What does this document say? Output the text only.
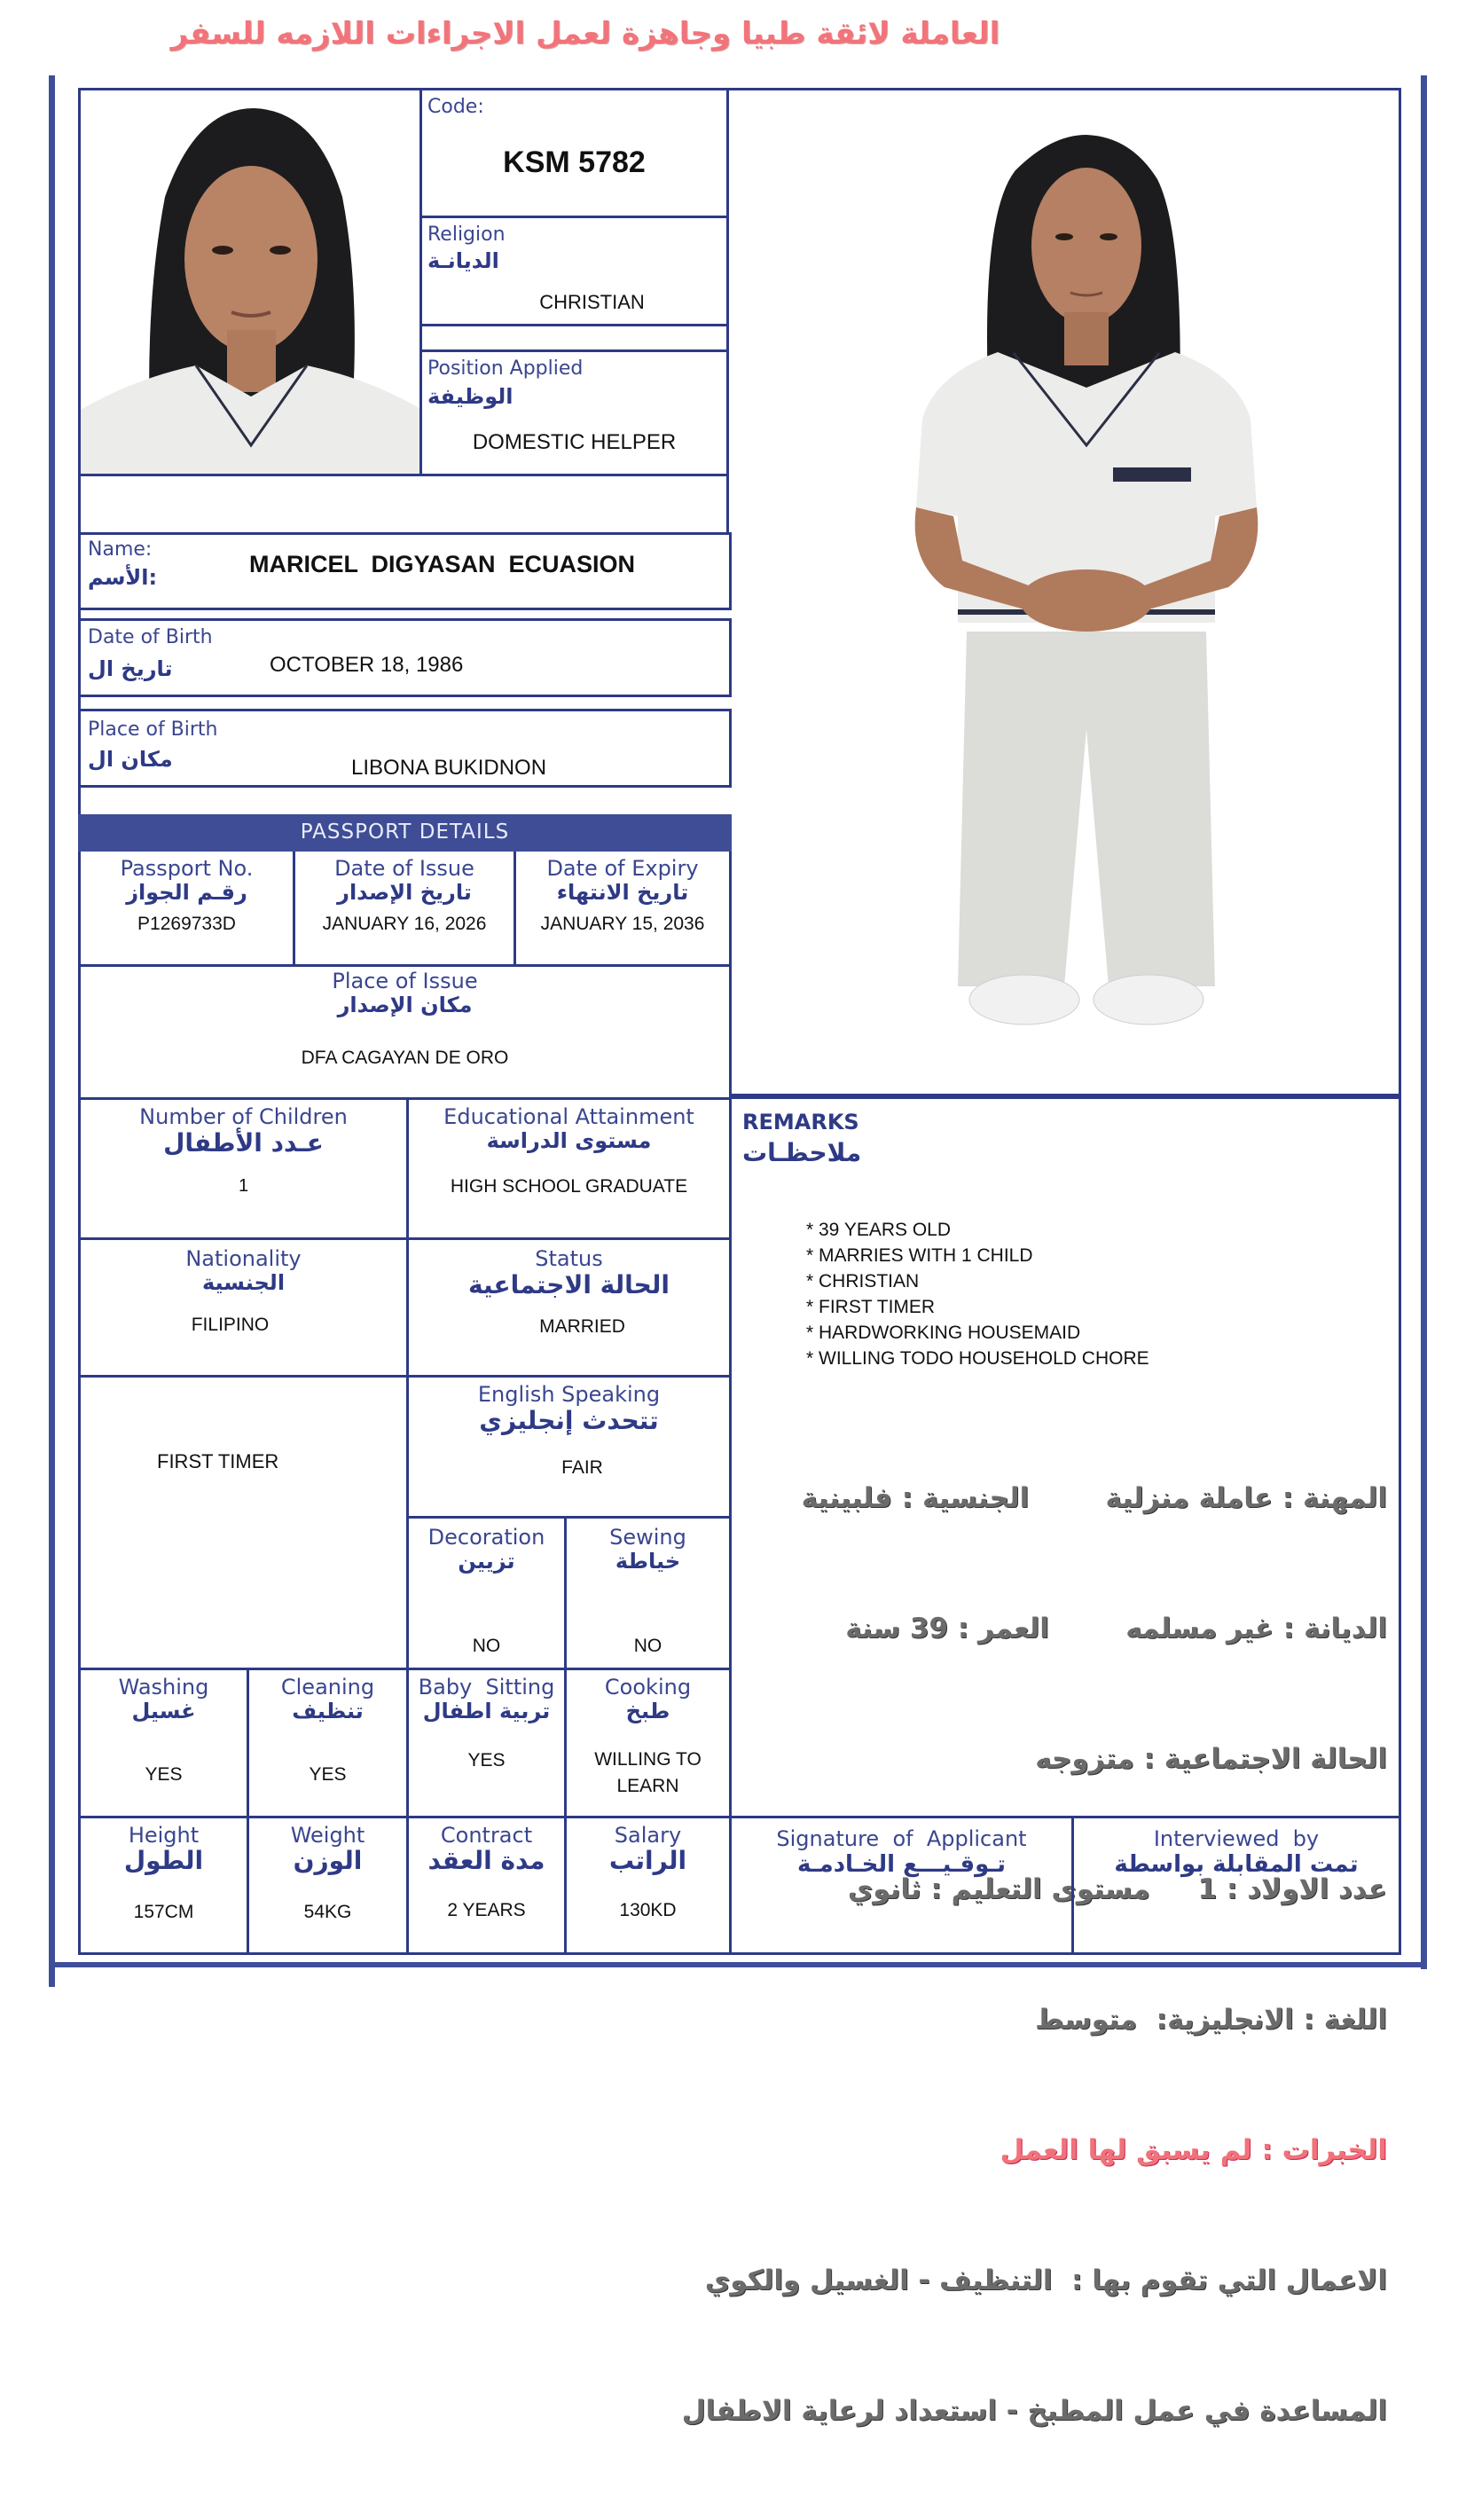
العاملة لائقة طبيا وجاهزة لعمل الاجراءات اللازمه للسفر
Code:
KSM 5782
Religion
الديانـة
CHRISTIAN
Position Applied
الوظيفة
DOMESTIC HELPER
Name:
:الأسم	MARICEL  DIGYASAN  ECUASION
Date of Birth
تاريخ ال	OCTOBER 18, 1986
Place of Birth
مكان ال	LIBONA BUKIDNON
PASSPORT DETAILS
Passport No.
رقـم الجواز
P1269733D
Date of Issue
تاريخ الإصدار
JANUARY 16, 2026
Date of Expiry
تاريخ الانتهاء
JANUARY 15, 2036
Place of Issue
مكان الإصدار
DFA CAGAYAN DE ORO
Number of Children
عـدد الأطفال
1
Educational Attainment
مستوى الدراسة
HIGH SCHOOL GRADUATE
Nationality
الجنسية
FILIPINO
Status
الحالة الاجتماعية
MARRIED
FIRST TIMER
English Speaking
تتحدث إنجليزي
FAIR
Decoration
تزيين
NO
Sewing
خياطة
NO
Washing
غسيل
YES
Cleaning
تنظيف
YES
Baby  Sitting
تربية اطفال
YES
Cooking
طبخ
WILLING TO LEARN
Height
الطول
157CM
Weight
الوزن
54KG
Contract
مدة العقد
2 YEARS
Salary
الراتب
130KD
REMARKS
ملاحظـات
* 39 YEARS OLD
* MARRIES WITH 1 CHILD
* CHRISTIAN
* FIRST TIMER
* HARDWORKING HOUSEMAID
* WILLING TODO HOUSEHOLD CHORE

المهنة : عاملة منزلية        الجنسية : فلبينية

الديانة : غير مسلمه        العمر : 39 سنة

الحالة الاجتماعية : متزوجه

عدد الاولاد : 1     مستوى التعليم : ثانوي

اللغة : الانجليزية:  متوسط

الخبرات : لم يسبق لها العمل

الاعمال التي تقوم بها :  التنظيف - الغسيل والكوي

المساعدة في عمل المطبخ - استعداد لرعاية الاطفال

Signature  of  Applicant
تـوقـيـــع الخـادمـة
Interviewed  by
تمت المقابلة بواسطة
